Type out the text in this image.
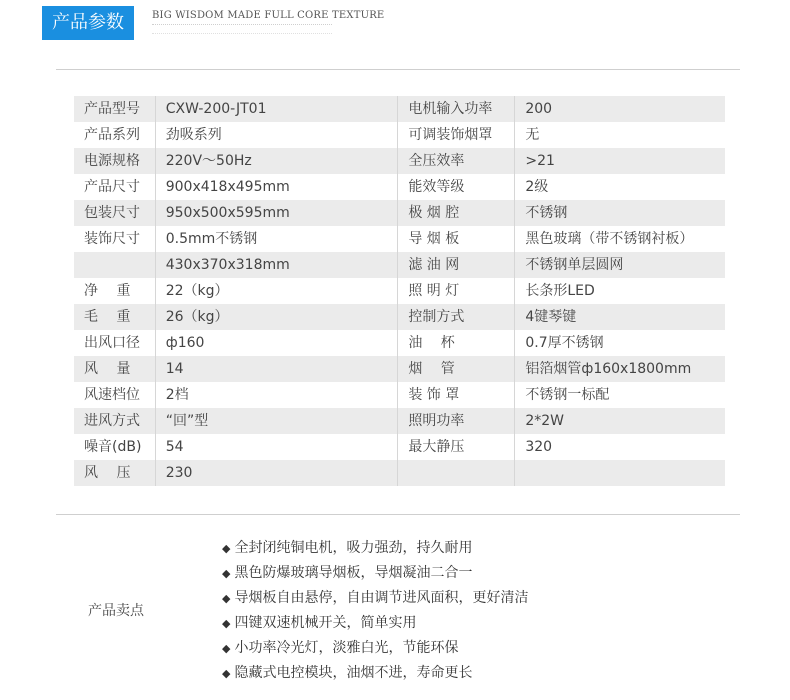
产品参数	BIG WISDOM MADE FULL CORE TEXTURE
产品型号	CXW-200-JT01	电机输入功率	200
产品系列	劲吸系列	可调装饰烟罩	无
电源规格	220V～50Hz	全压效率	>21
产品尺寸	900x418x495mm	能效等级	2级
包装尺寸	950x500x595mm	极 烟 腔	不锈钢
装饰尺寸	0.5mm不锈钢	导 烟 板	黑色玻璃（带不锈钢衬板）
	430x370x318mm	滤 油 网	不锈钢单层圆网
净　 重	22（kg）	照 明 灯	长条形LED
毛　 重	26（kg）	控制方式	4键琴键
出风口径	ф160	油　 杯	0.7厚不锈钢
风　 量	14	烟　 管	铝箔烟管ф160x1800mm
风速档位	2档	装 饰 罩	不锈钢一标配
进风方式	“回”型	照明功率	2*2W
噪音(dB)	54	最大静压	320
风　 压	230		
产品卖点
◆ 全封闭纯铜电机，吸力强劲，持久耐用
◆ 黑色防爆玻璃导烟板，导烟凝油二合一
◆ 导烟板自由悬停，自由调节进风面积，更好清洁
◆ 四键双速机械开关，简单实用
◆ 小功率冷光灯，淡雅白光，节能环保
◆ 隐藏式电控模块，油烟不进，寿命更长
